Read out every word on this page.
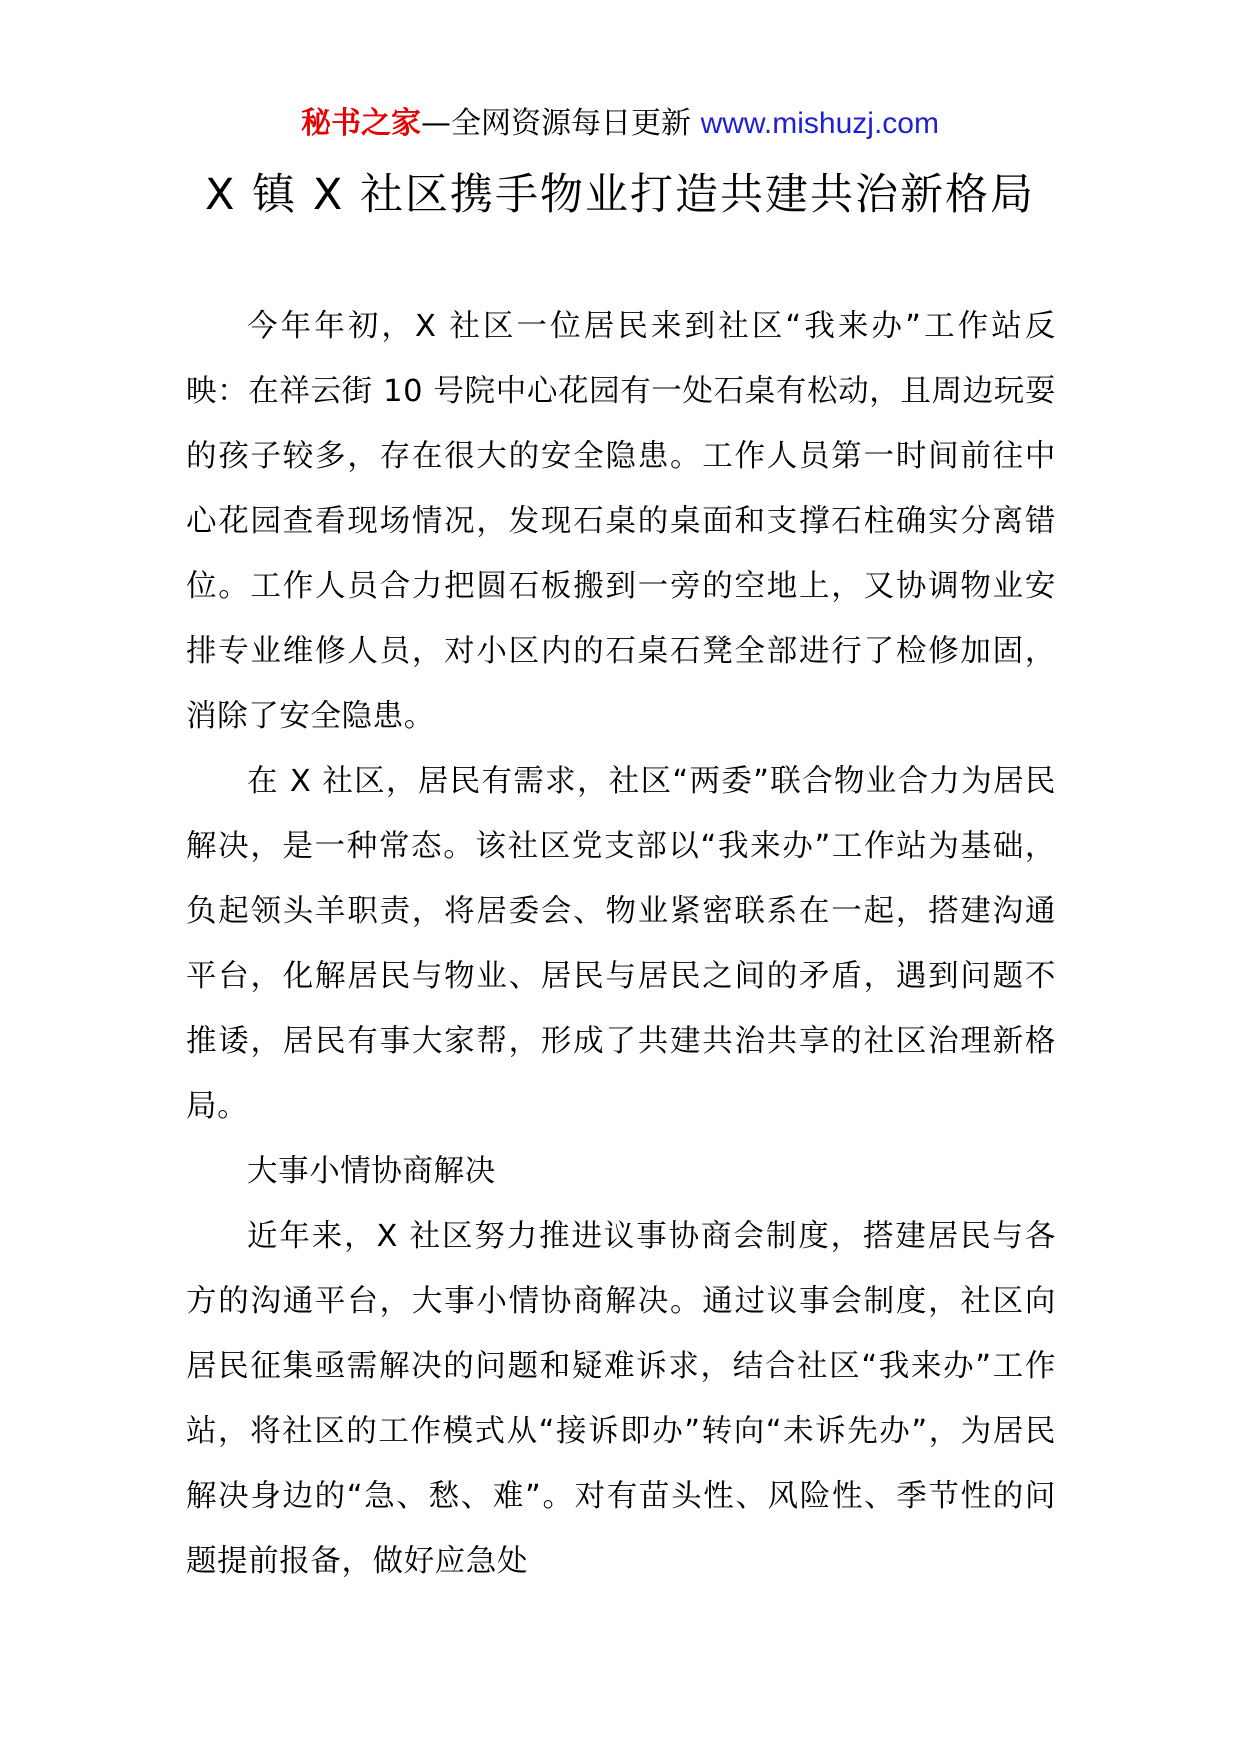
秘书之家—全网资源每日更新 www.mishuzj.com
X 镇 X 社区携手物业打造共建共治新格局

今年年初，X 社区一位居民来到社区“我来办”工作站反映：在祥云街 10 号院中心花园有一处石桌有松动，且周边玩耍的孩子较多，存在很大的安全隐患。工作人员第一时间前往中心花园查看现场情况，发现石桌的桌面和支撑石柱确实分离错位。工作人员合力把圆石板搬到一旁的空地上，又协调物业安排专业维修人员，对小区内的石桌石凳全部进行了检修加固，消除了安全隐患。

在 X 社区，居民有需求，社区“两委”联合物业合力为居民解决，是一种常态。该社区党支部以“我来办”工作站为基础，负起领头羊职责，将居委会、物业紧密联系在一起，搭建沟通平台，化解居民与物业、居民与居民之间的矛盾，遇到问题不推诿，居民有事大家帮，形成了共建共治共享的社区治理新格局。

大事小情协商解决

近年来，X 社区努力推进议事协商会制度，搭建居民与各方的沟通平台，大事小情协商解决。通过议事会制度，社区向居民征集亟需解决的问题和疑难诉求，结合社区“我来办”工作站，将社区的工作模式从“接诉即办”转向“未诉先办”，为居民解决身边的“急、愁、难”。对有苗头性、风险性、季节性的问题提前报备，做好应急处
